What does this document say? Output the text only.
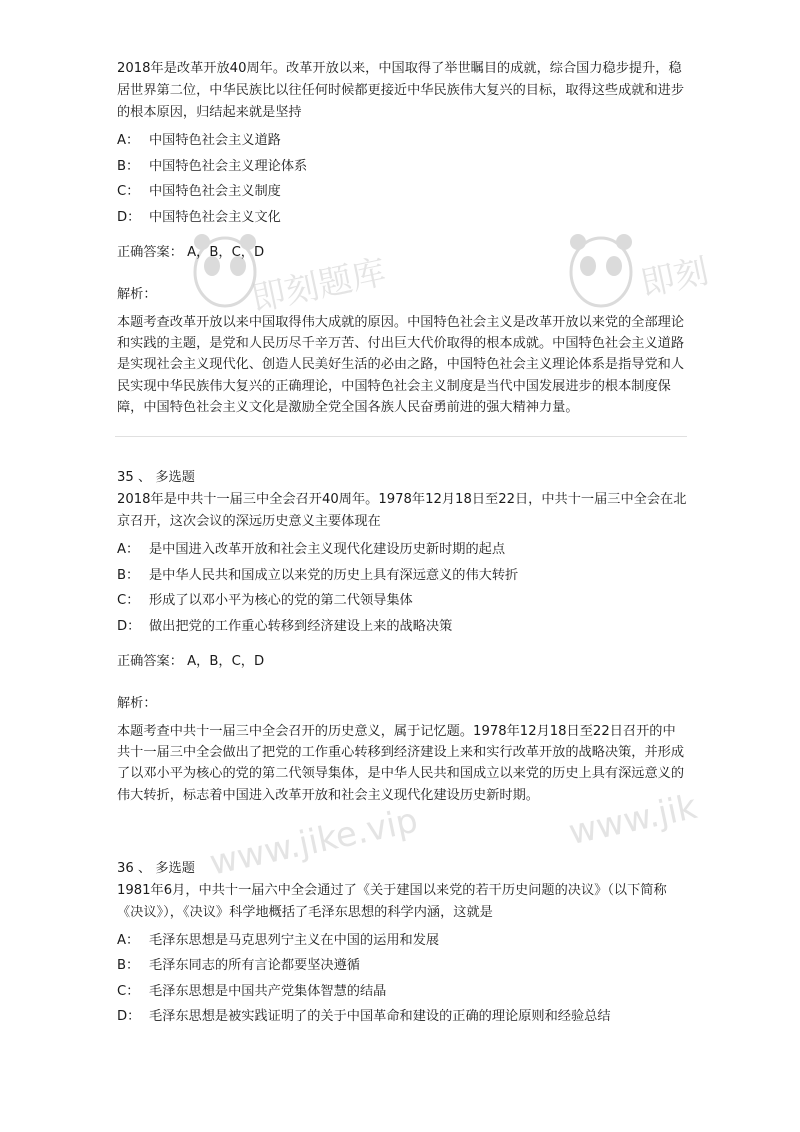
即刻题库	即刻
www.jike.vip	www.jik

2018年是改革开放40周年。改革开放以来，中国取得了举世瞩目的成就，综合国力稳步提升，稳居世界第二位，中华民族比以往任何时候都更接近中华民族伟大复兴的目标，取得这些成就和进步的根本原因，归结起来就是坚持

A： 中国特色社会主义道路
B： 中国特色社会主义理论体系
C： 中国特色社会主义制度
D： 中国特色社会主义文化
正确答案： A，B，C，D
解析：

本题考查改革开放以来中国取得伟大成就的原因。中国特色社会主义是改革开放以来党的全部理论和实践的主题，是党和人民历尽千辛万苦、付出巨大代价取得的根本成就。中国特色社会主义道路是实现社会主义现代化、创造人民美好生活的必由之路，中国特色社会主义理论体系是指导党和人民实现中华民族伟大复兴的正确理论，中国特色社会主义制度是当代中国发展进步的根本制度保障，中国特色社会主义文化是激励全党全国各族人民奋勇前进的强大精神力量。

35 、 多选题

2018年是中共十一届三中全会召开40周年。1978年12月18日至22日，中共十一届三中全会在北京召开，这次会议的深远历史意义主要体现在

A： 是中国进入改革开放和社会主义现代化建设历史新时期的起点
B： 是中华人民共和国成立以来党的历史上具有深远意义的伟大转折
C： 形成了以邓小平为核心的党的第二代领导集体
D： 做出把党的工作重心转移到经济建设上来的战略决策
正确答案： A，B，C，D
解析：

本题考查中共十一届三中全会召开的历史意义，属于记忆题。1978年12月18日至22日召开的中共十一届三中全会做出了把党的工作重心转移到经济建设上来和实行改革开放的战略决策，并形成了以邓小平为核心的党的第二代领导集体，是中华人民共和国成立以来党的历史上具有深远意义的伟大转折，标志着中国进入改革开放和社会主义现代化建设历史新时期。

36 、 多选题

1981年6月，中共十一届六中全会通过了《关于建国以来党的若干历史问题的决议》（以下简称《决议》），《决议》科学地概括了毛泽东思想的科学内涵，这就是

A： 毛泽东思想是马克思列宁主义在中国的运用和发展
B： 毛泽东同志的所有言论都要坚决遵循
C： 毛泽东思想是中国共产党集体智慧的结晶
D： 毛泽东思想是被实践证明了的关于中国革命和建设的正确的理论原则和经验总结
